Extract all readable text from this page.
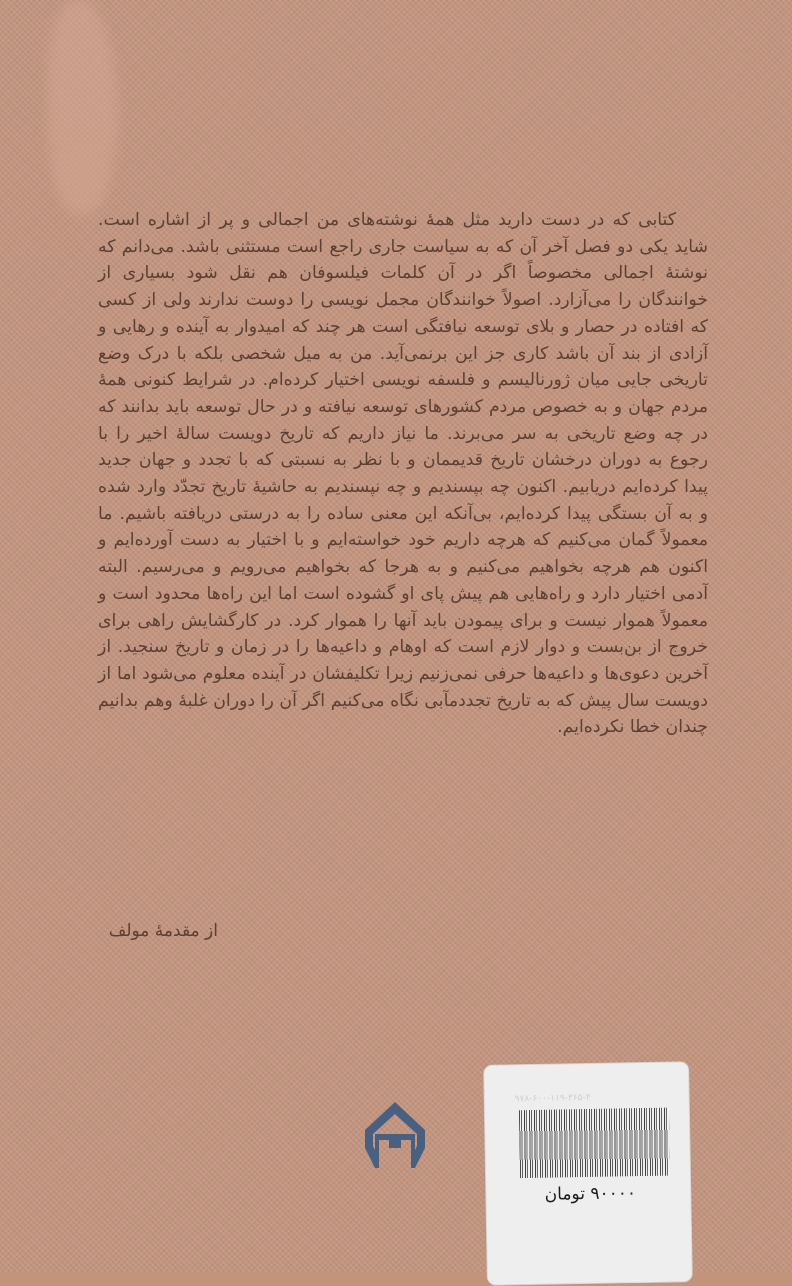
کتابی که در دست دارید مثل همهٔ نوشته‌های من اجمالی و پر از اشاره است. شاید یکی دو فصل آخر آن که به سیاست جاری راجع است مستثنی باشد. می‌دانم که نوشتهٔ اجمالی مخصوصاً اگر در آن کلمات فیلسوفان هم نقل شود بسیاری از خوانندگان را می‌آزارد. اصولاً خوانندگان مجمل نویسی را دوست ندارند ولی از کسی که افتاده در حصار و بلای توسعه نیافتگی است هر چند که امیدوار به آینده و رهایی و آزادی از بند آن باشد کاری جز این برنمی‌آید. من به میل شخصی بلکه با درک وضع تاریخی جایی میان ژورنالیسم و فلسفه نویسی اختیار کرده‌ام. در شرایط کنونی همهٔ مردم جهان و به خصوص مردم کشورهای توسعه نیافته و در حال توسعه باید بدانند که در چه وضع تاریخی به سر می‌برند. ما نیاز داریم که تاریخ دویست سالهٔ اخیر را با رجوع به دوران درخشان تاریخ قدیممان و با نظر به نسبتی که با تجدد و جهان جدید پیدا کرده‌ایم دریابیم. اکنون چه بپسندیم و چه نپسندیم به حاشیهٔ تاریخ تجدّد وارد شده و به آن بستگی پیدا کرده‌ایم، بی‌آنکه این معنی ساده را به درستی دریافته باشیم. ما معمولاً گمان می‌کنیم که هرچه داریم خود خواسته‌ایم و با اختیار به دست آورده‌ایم و اکنون هم هرچه بخواهیم می‌کنیم و به هرجا که بخواهیم می‌رویم و می‌رسیم. البته آدمی اختیار دارد و راه‌هایی هم پیش پای او گشوده است اما این راه‌ها محدود است و معمولاً هموار نیست و برای پیمودن باید آنها را هموار کرد. در کارگشایش راهی برای خروج از بن‌بست و دوار لازم است که اوهام و داعیه‌ها را در زمان و تاریخ سنجید. از آخرین دعوی‌ها و داعیه‌ها حرفی نمی‌زنیم زیرا تکلیفشان در آینده معلوم می‌شود اما از دویست سال پیش که به تاریخ تجددمآبی نگاه می‌کنیم اگر آن را دوران غلبهٔ وهم بدانیم چندان خطا نکرده‌ایم.

از مقدمهٔ مولف
۹۷۸-۶۰۰-۱۱۹-۳۶۵-۴
۹۰۰۰۰ تومان
